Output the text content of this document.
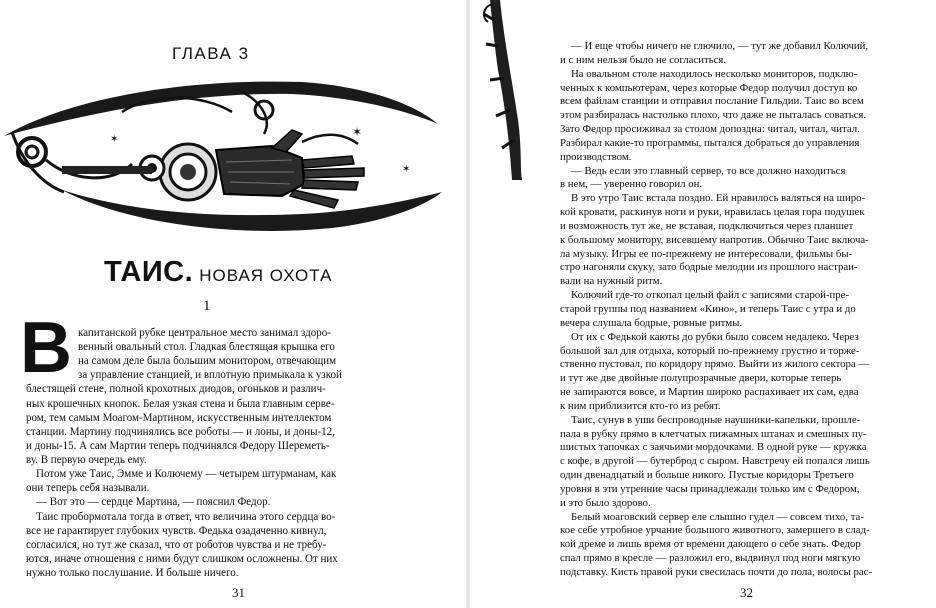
ГЛАВА 3
✶
✶
✶
ТАИС. НОВАЯ ОХОТА
1
В капитанской рубке центральное место занимал здоро-
венный овальный стол. Гладкая блестящая крышка его
на самом деле была большим монитором, отвечающим
за управление станцией, и вплотную примыкала к узкой
блестящей стене, полной крохотных диодов, огоньков и различ-
ных крошечных кнопок. Белая узкая стена и была главным серве-
ром, тем самым Моагом-Мартином, искусственным интеллектом
станции. Мартину подчинялись все роботы — и лоны, и доны-12,
и доны-15. А сам Мартин теперь подчинялся Федору Шереметь-
ву. В первую очередь ему.
Потом уже Таис, Эмме и Колючему — четырем штурманам, как
они теперь себя называли.
— Вот это — сердце Мартина, — пояснил Федор.
Таис пробормотала тогда в ответ, что величина этого сердца во-
все не гарантирует глубоких чувств. Федька озадаченно кивнул,
согласился, но тут же сказал, что от роботов чувства и не требу-
ются, иначе отношения с ними будут слишком осложнены. От них
нужно только послушание. И больше ничего.
31
— И еще чтобы ничего не глючило, — тут же добавил Колючий,
и с ним нельзя было не согласиться.
На овальном столе находилось несколько мониторов, подклю-
ченных к компьютерам, через которые Федор получил доступ ко
всем файлам станции и отправил послание Гильдии. Таис во всем
этом разбиралась настолько плохо, что даже не пыталась соваться.
Зато Федор просиживал за столом допоздна: читал, читал, читал.
Разбирал какие-то программы, пытался добраться до управления
производством.
— Ведь если это главный сервер, то все должно находиться
в нем, — уверенно говорил он.
В это утро Таис встала поздно. Ей нравилось валяться на широ-
кой кровати, раскинув ноги и руки, нравилась целая гора подушек
и возможность тут же, не вставая, подключиться через планшет
к большому монитору, висевшему напротив. Обычно Таис включа-
ла музыку. Игры ее по-прежнему не интересовали, фильмы бы-
стро нагоняли скуку, зато бодрые мелодии из прошлого настраи-
вали на нужный ритм.
Колючий где-то откопал целый файл с записями старой-пре-
старой группы под названием «Кино», и теперь Таис с утра и до
вечера слушала бодрые, ровные ритмы.
От их с Федькой каюты до рубки было совсем недалеко. Через
большой зал для отдыха, который по-прежнему грустно и торже-
ственно пустовал, по коридору прямо. Выйти из жилого сектора —
и тут же две двойные полупрозрачные двери, которые теперь
не запираются вовсе, и Мартин широко распахивает их сам, едва
к ним приблизится кто-то из ребят.
Таис, сунув в уши беспроводные наушники-капельки, прошле-
пала в рубку прямо в клетчатых пижамных штанах и смешных пу-
шистых тапочках с заячьими мордочками. В одной руке — кружка
с кофе, в другой — бутерброд с сыром. Навстречу ей попался лишь
один двенадцатый и больше никого. Пустые коридоры Третьего
уровня в эти утренние часы принадлежали только им с Федором,
и это было здорово.
Белый моаговский сервер еле слышно гудел — совсем тихо, та-
кое себе утробное урчание большого животного, замершего в слад-
кой дреме и лишь время от времени дающего о себе знать. Федор
спал прямо в кресле — разложил его, выдвинул под ноги мягкую
подставку. Кисть правой руки свесилась почти до пола, волосы рас-
32
